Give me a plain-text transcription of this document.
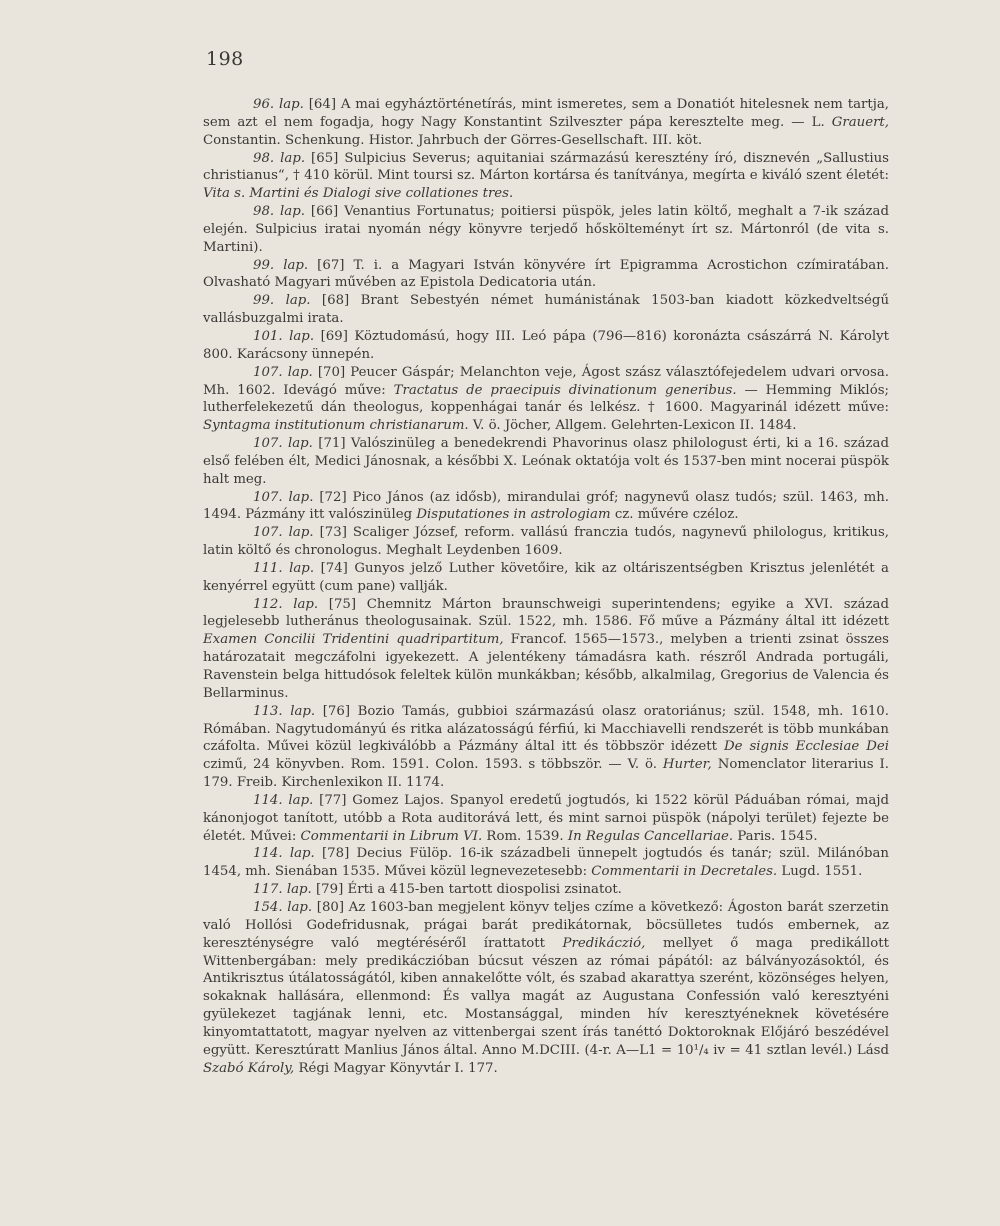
198

96. lap. [64] A mai egyháztörténetírás, mint ismeretes, sem a Donatiót hitelesnek nem tartja, sem azt el nem fogadja, hogy Nagy Konstantint Szilveszter pápa keresztelte meg. — L. Grauert, Constantin. Schenkung. Histor. Jahrbuch der Görres-Gesellschaft. III. köt.

98. lap. [65] Sulpicius Severus; aquitaniai származású keresztény író, disznevén „Sallustius christianus“, † 410 körül. Mint toursi sz. Márton kortársa és tanítványa, megírta e kiváló szent életét: Vita s. Martini és Dialogi sive collationes tres.

98. lap. [66] Venantius Fortunatus; poitiersi püspök, jeles latin költő, meghalt a 7-ik század elején. Sulpicius iratai nyomán négy könyvre terjedő hőskölteményt írt sz. Mártonról (de vita s. Martini).

99. lap. [67] T. i. a Magyari István könyvére írt Epigramma Acrostichon czímiratában. Olvasható Magyari művében az Epistola Dedicatoria után.

99. lap. [68] Brant Sebestyén német humánistának 1503-ban kiadott közkedveltségű vallásbuzgalmi irata.

101. lap. [69] Köztudomású, hogy III. Leó pápa (796—816) koronázta császárrá N. Károlyt 800. Karácsony ünnepén.

107. lap. [70] Peucer Gáspár; Melanchton veje, Ágost szász választófejedelem udvari orvosa. Mh. 1602. Idevágó műve: Tractatus de praecipuis divinationum generibus. — Hemming Miklós; lutherfelekezetű dán theologus, koppenhágai tanár és lelkész. † 1600. Magyarinál idézett műve: Syntagma institutionum christianarum. V. ö. Jöcher, Allgem. Gelehrten-Lexicon II. 1484.

107. lap. [71] Valószinüleg a benedekrendi Phavorinus olasz philologust érti, ki a 16. század első felében élt, Medici Jánosnak, a későbbi X. Leónak oktatója volt és 1537-ben mint nocerai püspök halt meg.

107. lap. [72] Pico János (az idősb), mirandulai gróf; nagynevű olasz tudós; szül. 1463, mh. 1494. Pázmány itt valószinüleg Disputationes in astrologiam cz. művére czéloz.

107. lap. [73] Scaliger József, reform. vallású franczia tudós, nagynevű philologus, kritikus, latin költő és chronologus. Meghalt Leydenben 1609.

111. lap. [74] Gunyos jelző Luther követőire, kik az oltáriszentségben Krisztus jelenlétét a kenyérrel együtt (cum pane) vallják.

112. lap. [75] Chemnitz Márton braunschweigi superintendens; egyike a XVI. század legjelesebb lutheránus theologusainak. Szül. 1522, mh. 1586. Fő műve a Pázmány által itt idézett Examen Concilii Tridentini quadripartitum, Francof. 1565—1573., melyben a trienti zsinat összes határozatait megczáfolni igyekezett. A jelentékeny támadásra kath. részről Andrada portugáli, Ravenstein belga hittudósok feleltek külön munkákban; később, alkalmilag, Gregorius de Valencia és Bellarminus.

113. lap. [76] Bozio Tamás, gubbioi származású olasz oratoriánus; szül. 1548, mh. 1610. Rómában. Nagytudományú és ritka alázatosságú férfiú, ki Macchiavelli rendszerét is több munkában czáfolta. Művei közül legkiválóbb a Pázmány által itt és többször idézett De signis Ecclesiae Dei czimű, 24 könyvben. Rom. 1591. Colon. 1593. s többször. — V. ö. Hurter, Nomenclator literarius I. 179. Freib. Kirchenlexikon II. 1174.

114. lap. [77] Gomez Lajos. Spanyol eredetű jogtudós, ki 1522 körül Páduában római, majd kánonjogot tanított, utóbb a Rota auditorává lett, és mint sarnoi püspök (nápolyi terület) fejezte be életét. Művei: Commentarii in Librum VI. Rom. 1539. In Regulas Cancellariae. Paris. 1545.

114. lap. [78] Decius Fülöp. 16-ik századbeli ünnepelt jogtudós és tanár; szül. Milánóban 1454, mh. Sienában 1535. Művei közül legnevezetesebb: Commentarii in Decretales. Lugd. 1551.

117. lap. [79] Érti a 415-ben tartott diospolisi zsinatot.

154. lap. [80] Az 1603-ban megjelent könyv teljes czíme a következő: Ágoston barát szerzetin való Hollósi Godefridusnak, prágai barát predikátornak, böcsülletes tudós embernek, az kereszténységre való megtéréséről írattatott Predikáczió, mellyet ő maga predikállott Wittenbergában: mely predikáczióban búcsut vészen az római pápától: az bálványozásoktól, és Antikrisztus útálatosságától, kiben annakelőtte vólt, és szabad akarattya szerént, közönséges helyen, sokaknak hallására, ellenmond: És vallya magát az Augustana Confessión való keresztyéni gyülekezet tagjának lenni, etc. Mostansággal, minden hív keresztyéneknek követésére kinyomtattatott, magyar nyelven az vittenbergai szent írás tanéttó Doktoroknak Előjáró beszédével együtt. Keresztúratt Manlius János által. Anno M.DCIII. (4-r. A—L1 = 10¹/₄ iv = 41 sztlan levél.) Lásd Szabó Károly, Régi Magyar Könyvtár I. 177.
